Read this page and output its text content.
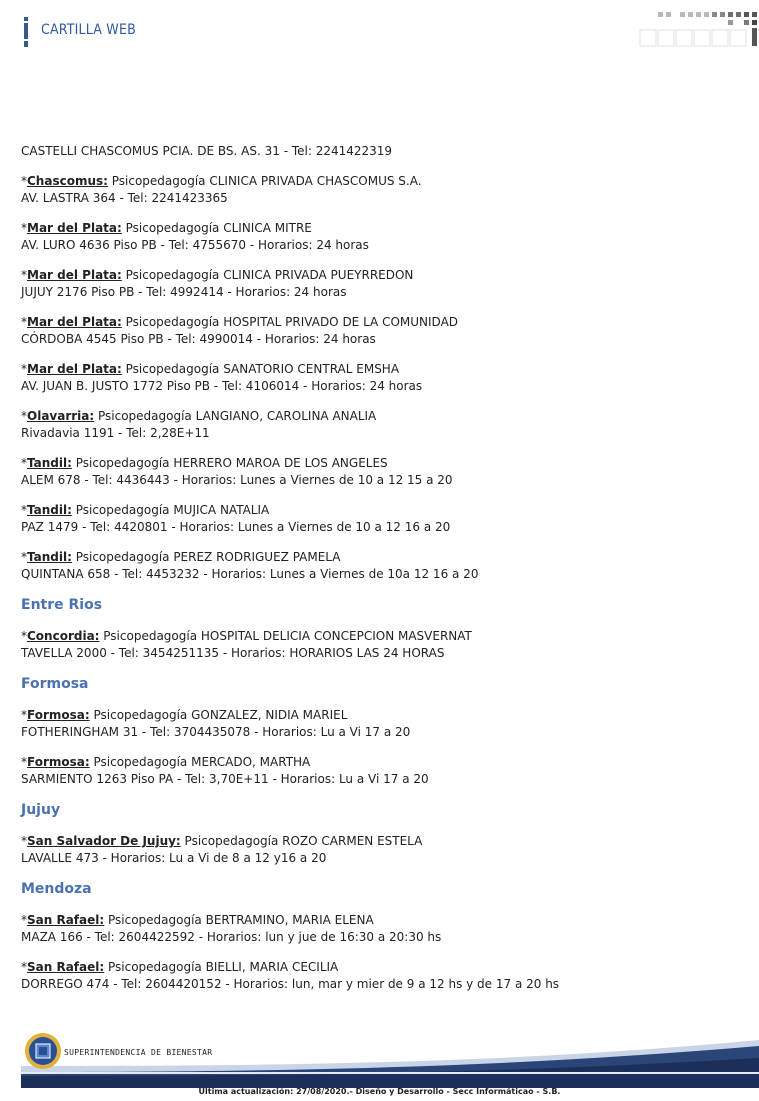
CARTILLA WEB
CASTELLI CHASCOMUS PCIA. DE BS. AS. 31 - Tel: 2241422319
*Chascomus: Psicopedagogía CLINICA PRIVADA CHASCOMUS S.A.
AV. LASTRA 364 - Tel: 2241423365
*Mar del Plata: Psicopedagogía CLINICA MITRE
AV. LURO 4636 Piso PB - Tel: 4755670 - Horarios: 24 horas
*Mar del Plata: Psicopedagogía CLINICA PRIVADA PUEYRREDON
JUJUY 2176 Piso PB - Tel: 4992414 - Horarios: 24 horas
*Mar del Plata: Psicopedagogía HOSPITAL PRIVADO DE LA COMUNIDAD
CÓRDOBA 4545 Piso PB - Tel: 4990014 - Horarios: 24 horas
*Mar del Plata: Psicopedagogía SANATORIO CENTRAL EMSHA
AV. JUAN B. JUSTO 1772 Piso PB - Tel: 4106014 - Horarios: 24 horas
*Olavarria: Psicopedagogía LANGIANO, CAROLINA ANALIA
Rivadavia 1191 - Tel: 2,28E+11
*Tandil: Psicopedagogía HERRERO MAROA DE LOS ANGELES
ALEM 678 - Tel: 4436443 - Horarios: Lunes a Viernes de 10 a 12 15 a 20
*Tandil: Psicopedagogía MUJICA NATALIA
PAZ 1479 - Tel: 4420801 - Horarios: Lunes a Viernes de 10 a 12 16 a 20
*Tandil: Psicopedagogía PEREZ RODRIGUEZ PAMELA
QUINTANA 658 - Tel: 4453232 - Horarios: Lunes a Viernes de 10a 12 16 a 20
Entre Rios
*Concordia: Psicopedagogía HOSPITAL DELICIA CONCEPCION MASVERNAT
TAVELLA 2000 - Tel: 3454251135 - Horarios: HORARIOS LAS 24 HORAS
Formosa
*Formosa: Psicopedagogía GONZALEZ, NIDIA MARIEL
FOTHERINGHAM 31 - Tel: 3704435078 - Horarios: Lu a Vi 17 a 20
*Formosa: Psicopedagogía MERCADO, MARTHA
SARMIENTO 1263 Piso PA - Tel: 3,70E+11 - Horarios: Lu a Vi 17 a 20
Jujuy
*San Salvador De Jujuy: Psicopedagogía ROZO CARMEN ESTELA
LAVALLE 473 - Horarios: Lu a Vi de 8 a 12 y16 a 20
Mendoza
*San Rafael: Psicopedagogía BERTRAMINO, MARIA ELENA
MAZA 166 - Tel: 2604422592 - Horarios: lun y jue de 16:30 a 20:30 hs
*San Rafael: Psicopedagogía BIELLI, MARIA CECILIA
DORREGO 474 - Tel: 2604420152 - Horarios: lun, mar y mier de 9 a 12 hs y de 17 a 20 hs
SUPERINTENDENCIA DE BIENESTAR
Ultima actualización: 27/08/2020.- Diseño y Desarrollo - Secc Informáticao - S.B.
